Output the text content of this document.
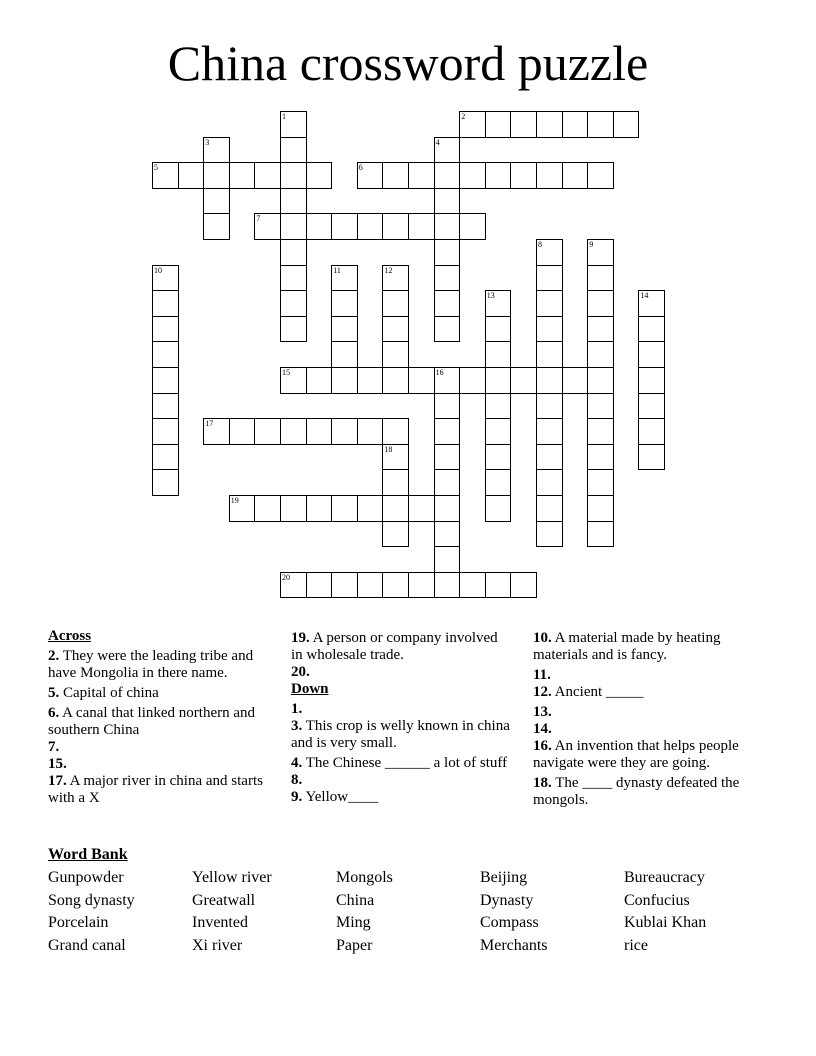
China crossword puzzle
1	2
3	4
5	6
7
8	9
10	11	12
13	14
15	16
17
18
19
20
Across
2. They were the leading tribe and have Mongolia in there name.
5. Capital of china
6. A canal that linked northern and southern China
7.
15.
17. A major river in china and starts with a X
19. A person or company involved in wholesale trade.
20.
Down
1.
3. This crop is welly known in china and is very small.
4. The Chinese ______ a lot of stuff
8.
9. Yellow____
10. A material made by heating materials and is fancy.
11.
12. Ancient _____
13.
14.
16. An invention that helps people navigate were they are going.
18. The ____ dynasty defeated the mongols.
Word Bank
Gunpowder	Yellow river	Mongols	Beijing	Bureaucracy
Song dynasty	Greatwall	China	Dynasty	Confucius
Porcelain	Invented	Ming	Compass	Kublai Khan
Grand canal	Xi river	Paper	Merchants	rice
